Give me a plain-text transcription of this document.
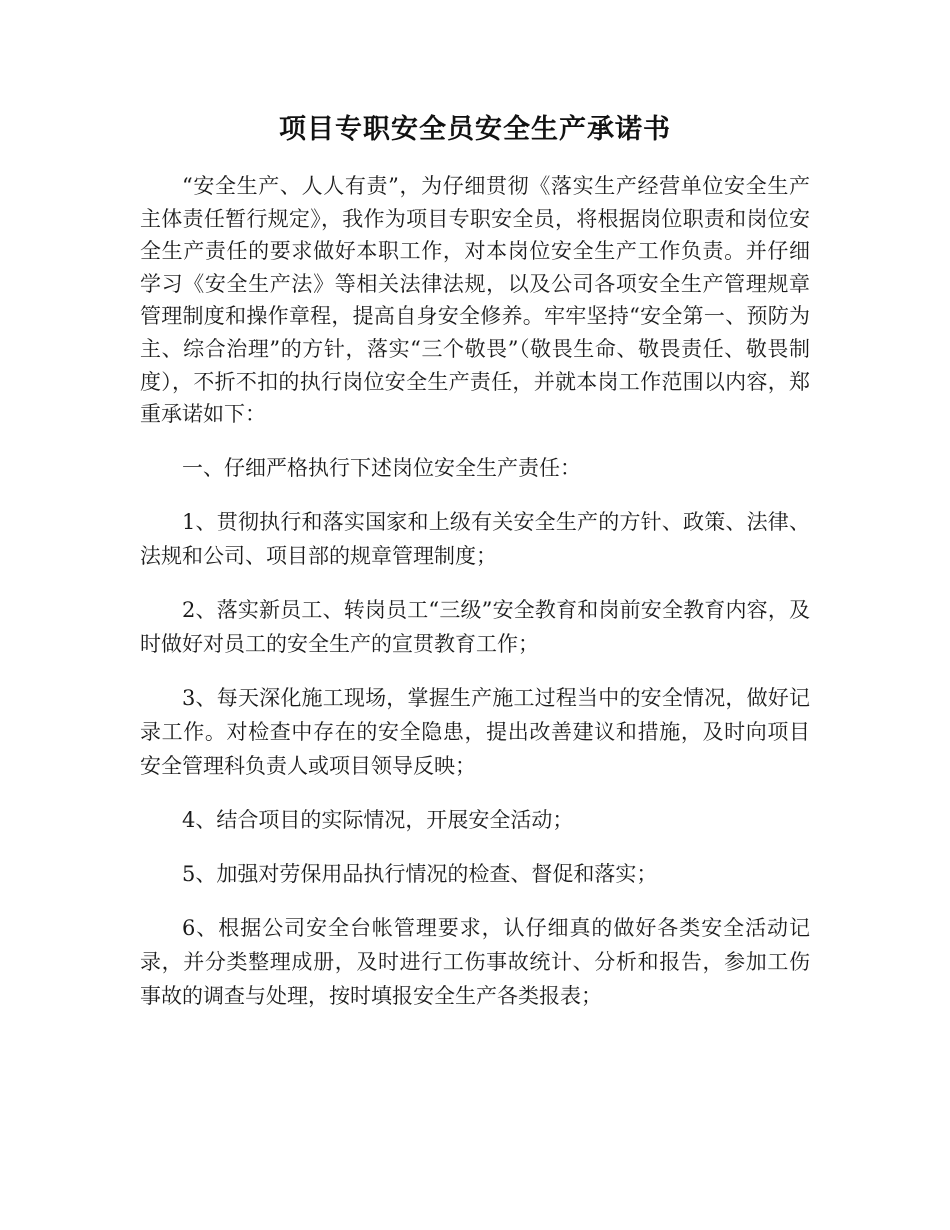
项目专职安全员安全生产承诺书

“安全生产、人人有责”，为仔细贯彻《落实生产经营单位安全生产主体责任暂行规定》，我作为项目专职安全员，将根据岗位职责和岗位安全生产责任的要求做好本职工作，对本岗位安全生产工作负责。并仔细学习《安全生产法》等相关法律法规，以及公司各项安全生产管理规章管理制度和操作章程，提高自身安全修养。牢牢坚持“安全第一、预防为主、综合治理”的方针，落实“三个敬畏”（敬畏生命、敬畏责任、敬畏制度），不折不扣的执行岗位安全生产责任，并就本岗工作范围以内容，郑重承诺如下：

一、仔细严格执行下述岗位安全生产责任：

1、贯彻执行和落实国家和上级有关安全生产的方针、政策、法律、法规和公司、项目部的规章管理制度；

2、落实新员工、转岗员工“三级”安全教育和岗前安全教育内容，及时做好对员工的安全生产的宣贯教育工作；

3、每天深化施工现场，掌握生产施工过程当中的安全情况，做好记录工作。对检查中存在的安全隐患，提出改善建议和措施，及时向项目安全管理科负责人或项目领导反映；

4、结合项目的实际情况，开展安全活动；

5、加强对劳保用品执行情况的检查、督促和落实；

6、根据公司安全台帐管理要求，认仔细真的做好各类安全活动记录，并分类整理成册，及时进行工伤事故统计、分析和报告，参加工伤事故的调查与处理，按时填报安全生产各类报表；
